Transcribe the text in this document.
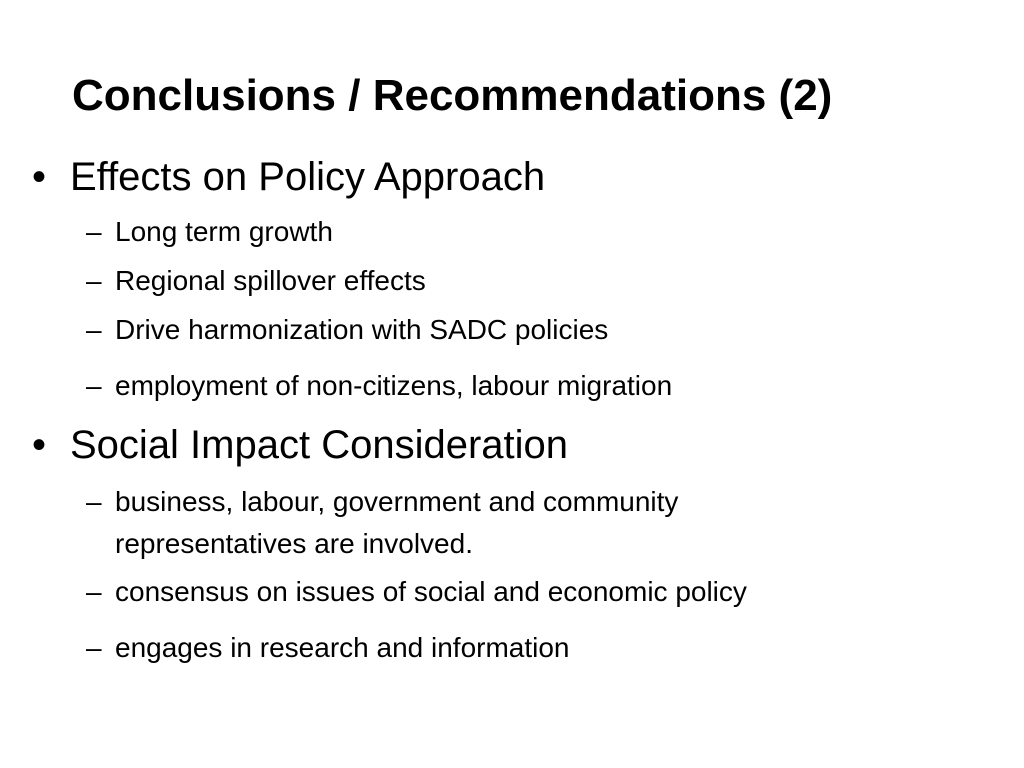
Conclusions / Recommendations (2)
• Effects on Policy Approach
– Long term growth
– Regional spillover effects
– Drive harmonization with SADC policies
– employment of non-citizens, labour migration
• Social Impact Consideration
– business, labour, government and community representatives are involved.
– consensus on issues of social and economic policy
– engages in research and information
